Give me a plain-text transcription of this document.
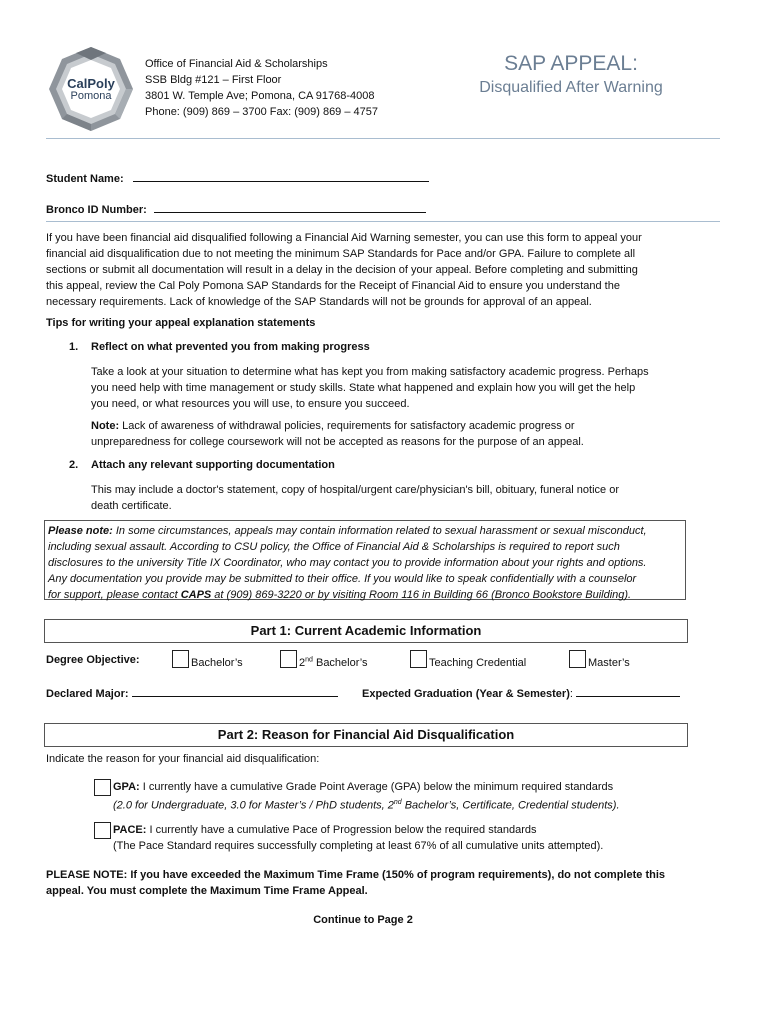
CalPoly
Pomona
Office of Financial Aid & Scholarships
SSB Bldg #121 – First Floor
3801 W. Temple Ave; Pomona, CA 91768-4008
Phone: (909) 869 – 3700 Fax: (909) 869 – 4757
SAP APPEAL:
Disqualified After Warning
Student Name:
Bronco ID Number:
If you have been financial aid disqualified following a Financial Aid Warning semester, you can use this form to appeal your
financial aid disqualification due to not meeting the minimum SAP Standards for Pace and/or GPA. Failure to complete all
sections or submit all documentation will result in a delay in the decision of your appeal. Before completing and submitting
this appeal, review the Cal Poly Pomona SAP Standards for the Receipt of Financial Aid to ensure you understand the
necessary requirements. Lack of knowledge of the SAP Standards will not be grounds for approval of an appeal.
Tips for writing your appeal explanation statements
1. Reflect on what prevented you from making progress
Take a look at your situation to determine what has kept you from making satisfactory academic progress. Perhaps
you need help with time management or study skills. State what happened and explain how you will get the help
you need, or what resources you will use, to ensure you succeed.
Note: Lack of awareness of withdrawal policies, requirements for satisfactory academic progress or
unpreparedness for college coursework will not be accepted as reasons for the purpose of an appeal.
2. Attach any relevant supporting documentation
This may include a doctor's statement, copy of hospital/urgent care/physician's bill, obituary, funeral notice or
death certificate.
Please note: In some circumstances, appeals may contain information related to sexual harassment or sexual misconduct,
including sexual assault. According to CSU policy, the Office of Financial Aid & Scholarships is required to report such
disclosures to the university Title IX Coordinator, who may contact you to provide information about your rights and options.
Any documentation you provide may be submitted to their office. If you would like to speak confidentially with a counselor
for support, please contact CAPS at (909) 869-3220 or by visiting Room 116 in Building 66 (Bronco Bookstore Building).
Part 1: Current Academic Information
Degree Objective:	Bachelor’s	2nd Bachelor’s	Teaching Credential	Master’s
Declared Major:	Expected Graduation (Year & Semester):
Part 2: Reason for Financial Aid Disqualification
Indicate the reason for your financial aid disqualification:
GPA: I currently have a cumulative Grade Point Average (GPA) below the minimum required standards
(2.0 for Undergraduate, 3.0 for Master’s / PhD students, 2nd Bachelor’s, Certificate, Credential students).
PACE: I currently have a cumulative Pace of Progression below the required standards
(The Pace Standard requires successfully completing at least 67% of all cumulative units attempted).
PLEASE NOTE: If you have exceeded the Maximum Time Frame (150% of program requirements), do not complete this
appeal. You must complete the Maximum Time Frame Appeal.
Continue to Page 2
